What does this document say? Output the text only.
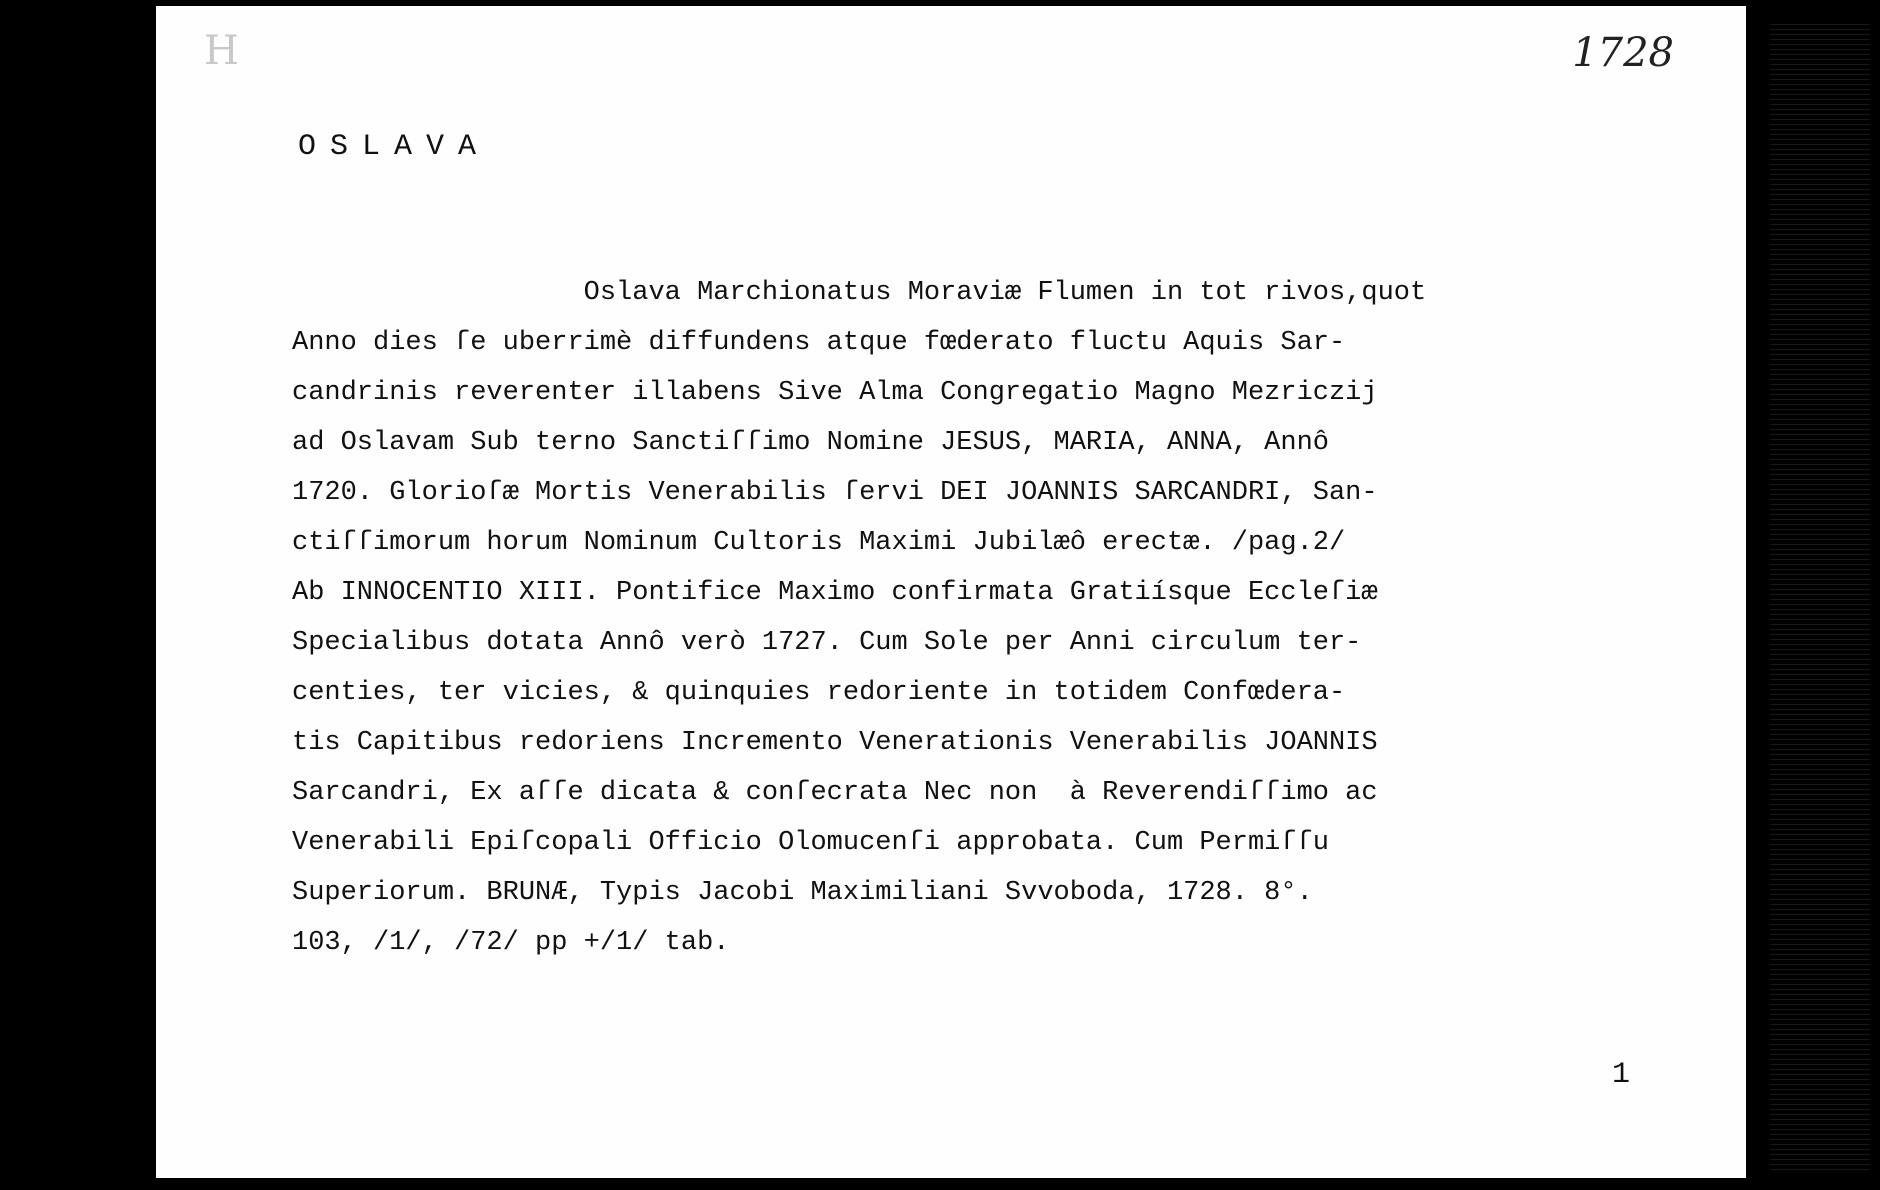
H	1728
OSLAVA
Oslava Marchionatus Moraviæ Flumen in tot rivos,quot
Anno dies ſe uberrimè diffundens atque fœderato fluctu Aquis Sar-
candrinis reverenter illabens Sive Alma Congregatio Magno Mezriczij
ad Oslavam Sub terno Sanctiſſimo Nomine JESUS, MARIA, ANNA, Annô
1720. Glorioſæ Mortis Venerabilis ſervi DEI JOANNIS SARCANDRI, San-
ctiſſimorum horum Nominum Cultoris Maximi Jubilæô erectæ. /pag.2/
Ab INNOCENTIO XIII. Pontifice Maximo confirmata Gratiísque Eccleſiæ
Specialibus dotata Annô verò 1727. Cum Sole per Anni circulum ter-
centies, ter vicies, & quinquies redoriente in totidem Confœdera-
tis Capitibus redoriens Incremento Venerationis Venerabilis JOANNIS
Sarcandri, Ex aſſe dicata & conſecrata Nec non  à Reverendiſſimo ac
Venerabili Epiſcopali Officio Olomucenſi approbata. Cum Permiſſu
Superiorum. BRUNÆ, Typis Jacobi Maximiliani Svvoboda, 1728. 8°.
103, /1/, /72/ pp +/1/ tab.
1
